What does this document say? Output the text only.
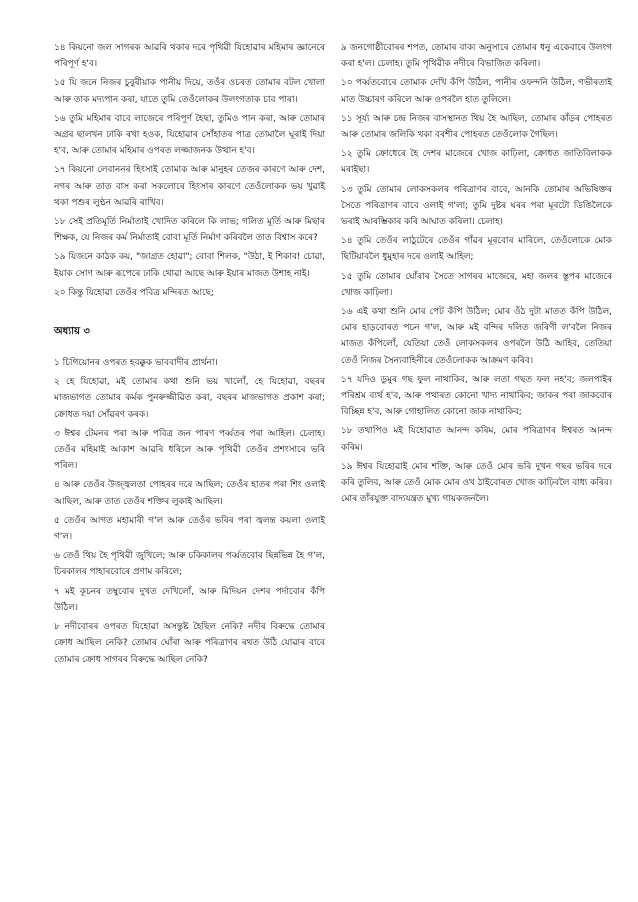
১৪ কিয়নো জল সাগৰক আৱৰি থকাৰ দৰে পৃথিৱী যিহোৱাৰ মহিমাৰ জ্ঞানেৰে পৰিপূৰ্ণ হ'ব।

১৫ যি জনে নিজৰ চুবুৰীয়াক পানীয় দিয়ে, তওঁৰ ওচৰত তোমাৰ বটল খোলা আৰু তাক মদ্যপান কৰা, যাতে তুমি তেওঁলোকৰ উলংগতাক চাব পাৰা।

১৬ তুমি মহিমাৰ বাবে লাজেৰে পৰিপূৰ্ণ হৈছা, তুমিও পান কৰা, আৰু তোমাৰ অগ্ৰৰ ছালখন ঢাকি ৰখা হওক, যিহোৱাৰ সোঁহাতৰ পাত্ৰ তোমালৈ ঘূৰাই দিয়া হ'ব, আৰু তোমাৰ মহিমাৰ ওপৰত লজ্জাজনক উত্থান হ'ব।

১৭ কিয়নো লেবাননৰ হিংসাই তোমাক আৰু মানুহৰ তেজৰ কাৰণে আৰু দেশ, নগৰ আৰু তাত বাস কৰা সকলোৰে হিংসাৰ কাৰণে তেওঁলোকক ভয় খুৱাই থকা পশুৰ লুণ্ঠন আৱৰি ৰাখিব।

১৮ সেই প্ৰতিমূৰ্তি নিৰ্মাতাই খোদিত কৰিলে কি লাভ; গলিত মূৰ্তি আৰু মিছাৰ শিক্ষক, যে নিজৰ কৰ্ম নিৰ্মাতাই বোবা মূৰ্তি নিৰ্মাণ কৰিবলৈ তাত বিশ্বাস কৰে?

১৯ যিজনে কাঠক কয়, "জাগ্ৰত হোৱা"; বোবা শিলক, "উঠা, ই শিকাব! চোৱা, ইয়াক সোণ আৰু ৰূপেৰে ঢাকি থোৱা আছে আৰু ইয়াৰ মাজত উশাহ নাই।

২০ কিন্তু যিহোৱা তেওঁৰ পবিত্ৰ মন্দিৰত আছে;

অধ্যায় ৩

১ চিগিয়োনৰ ওপৰত হবক্কুক ভাববাদীৰ প্ৰাৰ্থনা।

২ হে যিহোৱা, মই তোমাৰ কথা শুনি ভয় খালোঁ, হে যিহোৱা, বছৰৰ মাজভাগত তোমাৰ কৰ্মক পুনৰুজ্জীৱিত কৰা, বছৰৰ মাজভাগত প্ৰকাশ কৰা; ক্ৰোধত দয়া সোঁৱৰণ কৰক।

৩ ঈশ্বৰ টেমনৰ পৰা আৰু পবিত্ৰ জন পাৰণ পৰ্ব্বতৰ পৰা আহিল। চেলাহ। তেওঁৰ মহিমাই আকাশ আৱৰি ধৰিলে আৰু পৃথিৱী তেওঁৰ প্ৰশংসাৰে ভৰি পৰিল।

৪ আৰু তেওঁৰ উজ্জ্বলতা পোহৰৰ দৰে আছিল; তেওঁৰ হাতৰ পৰা শিং ওলাই আছিল, আৰু তাত তেওঁৰ শক্তিৰ লুকাই আছিল।

৫ তেওঁৰ আগত মহামাৰী গ'ল আৰু তেওঁৰ ভৰিৰ পৰা জ্বলন্ত কয়লা ওলাই গ'ল।

৬ তেওঁ থিয় হৈ পৃথিৱী জুখিলে; আৰু চকিকালৰ পৰ্ব্বতবোৰ ছিন্নভিন্ন হৈ গ'ল, চিৰকালৰ পাহাৰবোৰে প্ৰণাম কৰিলে;

৭ মই কূচনৰ তম্বুবোৰ দুখত দেখিলোঁ, আৰু মিদিয়ন দেশৰ পৰ্দাবোৰ কঁপি উঠিল।

৮ নদীবোৰৰ ওপৰত যিহোৱা অসন্তুষ্ট হৈছিল নেকি? নদীৰ বিৰুদ্ধে তোমাৰ ক্ৰোধ আছিল নেকি? তোমাৰ ঘোঁৰা আৰু পৰিত্ৰাণৰ ৰথত উঠি যোৱাৰ বাবে তোমাৰ ক্ৰোধ সাগৰৰ বিৰুদ্ধে আছিল নেকি?

৯ জনগোষ্ঠীবোৰৰ শপত, তোমাৰ বাক্য অনুসাৰে তোমাৰ ধনু একেবাৰে উলংগ কৰা হ'ল। চেলাহ। তুমি পৃথিৱীক নদীৰে বিভাজিত কৰিলা।

১০ পৰ্ব্বতবোৰে তোমাক দেখি কঁপি উঠিল, পানীৰ ওফন্দনি উঠিল, গভীৰতাই মাত উচ্চাৰণ কৰিলে আৰু ওপৰলৈ হাত তুলিলে।

১১ সূৰ্য্য আৰু চন্দ্ৰ নিজৰ বাসস্থানত থিয় হৈ আছিল, তোমাৰ কাঁড়ৰ পোহৰত আৰু তোমাৰ জলিকি থকা বৰশীৰ পোহৰত তেওঁলোক গৈছিল।

১২ তুমি ক্ৰোধেৰে হৈ দেশৰ মাজেৰে খোজ কাঢ়িলা, ক্ৰোধত জাতিবিলাকক মৰাইছা।

১৩ তুমি তোমাৰ লোকসকলৰ পৰিত্ৰাণৰ বাবে, আনকি তোমাৰ অভিষিক্তৰ সৈতে পৰিত্ৰাণৰ বাবে ওলাই গ'লা; তুমি দুষ্টৰ ঘৰৰ পৰা মূৰটো ডিঙিলৈকে ভৰাই আৰম্ভিকাৰ কৰি আঘাত কৰিলা। চেলাহ।

১৪ তুমি তেওঁৰ লাঠুটেৰে তেওঁৰ গাঁৱৰ মূৰবোৰ মাৰিলে, তেওঁলোকে মোক ছিটিয়াবলৈ ধুমুহাৰ দৰে ওলাই আহিল;

১৫ তুমি তোমাৰ ঘোঁৰাৰ সৈতে সাগৰৰ মাজেৰে, মহা জলৰ স্তূপৰ মাজেৰে খোজ কাঢ়িলা।

১৬ এই কথা শুনি মোৰ পেট কঁপি উঠিল; মোৰ ওঁঠ দুটা মাতত কঁপি উঠিল, মোৰ হাড়বোৰত পচন গ'ল, আৰু মই বন্দিৰ দলিত জৰিণী ল'বলৈ নিজৰ মাজত কঁপিলোঁ, যেতিয়া তেওঁ লোকসকলৰ ওপৰলৈ উঠি আহিব, তেতিয়া তেওঁ নিজৰ সৈন্যবাহিনীৰে তেওঁলোকক আক্ৰমণ কৰিব।

১৭ যদিও ডুমুৰ গছ ফুল নাথাকিব, আৰু লতা গছত ফল নহ'ব; জলপাইৰ পৰিশ্ৰম ব্যৰ্থ হ'ব, আৰু পথাৰত কোনো খাদ্য নাথাকিব; জাকৰ পৰা জাকবোৰ বিচ্ছিন্ন হ'ব, আৰু গোহালিত কোনো জাক নাথাকিব;

১৮ তথাপিও মই যিহোৱাত আনন্দ কৰিম, মোৰ পৰিত্ৰাণৰ ঈশ্বৰত আনন্দ কৰিম।

১৯ ঈশ্বৰ যিহোৱাই মোৰ শক্তি, আৰু তেওঁ মোৰ ভৰি দুখন গছৰ ভৰিৰ দৰে কৰি তুলিব, আৰু তেওঁ মোক মোৰ ওখ ঠাইবোৰত খোজ কাঢ়িবলৈ বাধ্য কৰিব। মোৰ তাঁৰযুক্ত বাদ্যযন্ত্ৰত মুখ্য গায়কজনলৈ।
